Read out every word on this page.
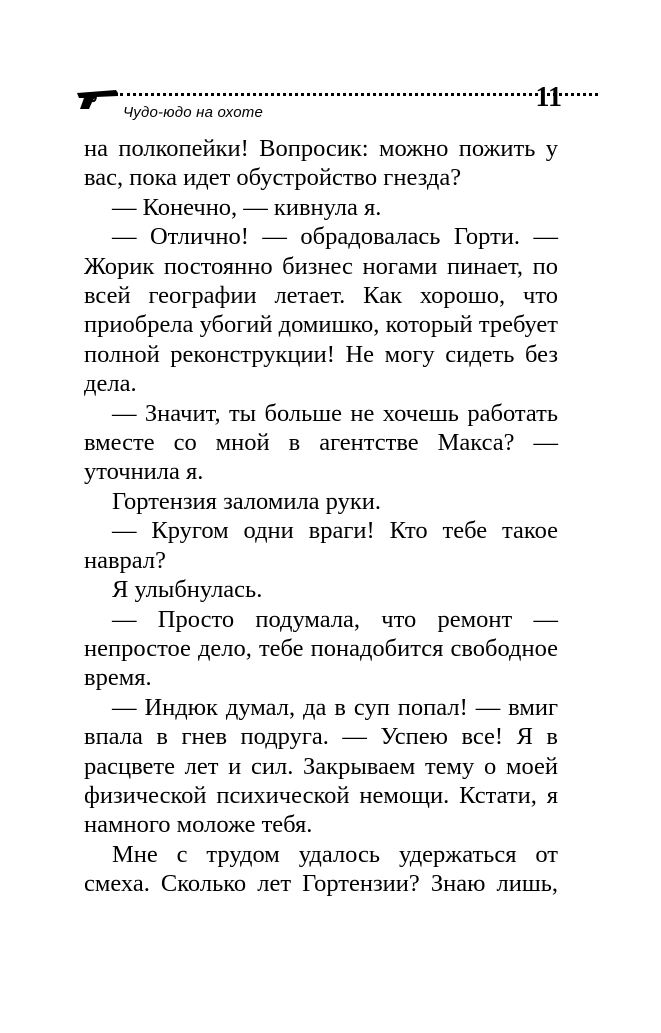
Чудо-юдо на охоте	11

на полкопейки! Вопросик: можно пожить у вас, пока идет обустройство гнезда?

— Конечно, — кивнула я.

— Отлично! — обрадовалась Горти. — Жорик постоянно бизнес ногами пинает, по всей географии летает. Как хорошо, что приобрела убогий домишко, который требует полной реконструкции! Не могу сидеть без дела.

— Значит, ты больше не хочешь работать вместе со мной в агентстве Макса? — уточнила я.

Гортензия заломила руки.

— Кругом одни враги! Кто тебе такое наврал?

Я улыбнулась.

— Просто подумала, что ремонт — непростое дело, тебе понадобится свободное время.

— Индюк думал, да в суп попал! — вмиг впала в гнев подруга. — Успею все! Я в расцвете лет и сил. Закрываем тему о моей физической психической немощи. Кстати, я намного моложе тебя.

Мне с трудом удалось удержаться от смеха. Сколько лет Гортензии? Знаю лишь,
